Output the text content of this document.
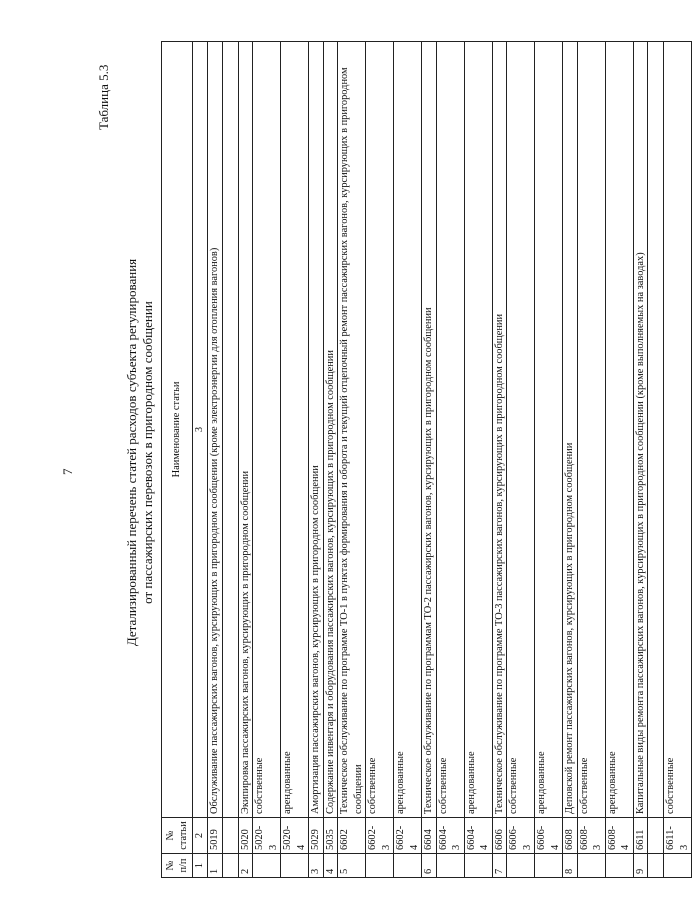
7
Таблица 5.3
Детализированный перечень статей расходов субъекта регулирования от пассажирских перевозок в пригородном сообщении
№ п/п	№ статьи	Наименование статьи
1	2	3
1	5019	Обслуживание пассажирских вагонов, курсирующих в пригородном сообщении (кроме электроэнергии для отопления вагонов)

2	5020	Экипировка пассажирских вагонов, курсирующих в пригородном сообщении
	5020-3	собственные
	5020-4	арендованные
3	5029	Амортизация пассажирских вагонов, курсирующих в пригородном сообщении
4	5035	Содержание инвентаря и оборудования пассажирских вагонов, курсирующих в пригородном сообщении
5	6602	Техническое обслуживание по программе ТО-1 в пунктах формирования и оборота и текущий отцепочный ремонт пассажирских вагонов, курсирующих в пригородном сообщении
	6602-3	собственные
	6602-4	арендованные
6	6604	Техническое обслуживание по программам ТО-2 пассажирских вагонов, курсирующих в пригородном сообщении
	6604-3	собственные
	6604-4	арендованные
7	6606	Техническое обслуживание по программе ТО-3 пассажирских вагонов, курсирующих в пригородном сообщении
	6606-3	собственные
	6606-4	арендованные
8	6608	Деповской ремонт пассажирских вагонов, курсирующих в пригородном сообщении
	6608-3	собственные
	6608-4	арендованные
9	6611	Капитальные виды ремонта пассажирских вагонов, курсирующих в пригородном сообщении (кроме выполняемых на заводах)

	6611-3	собственные
